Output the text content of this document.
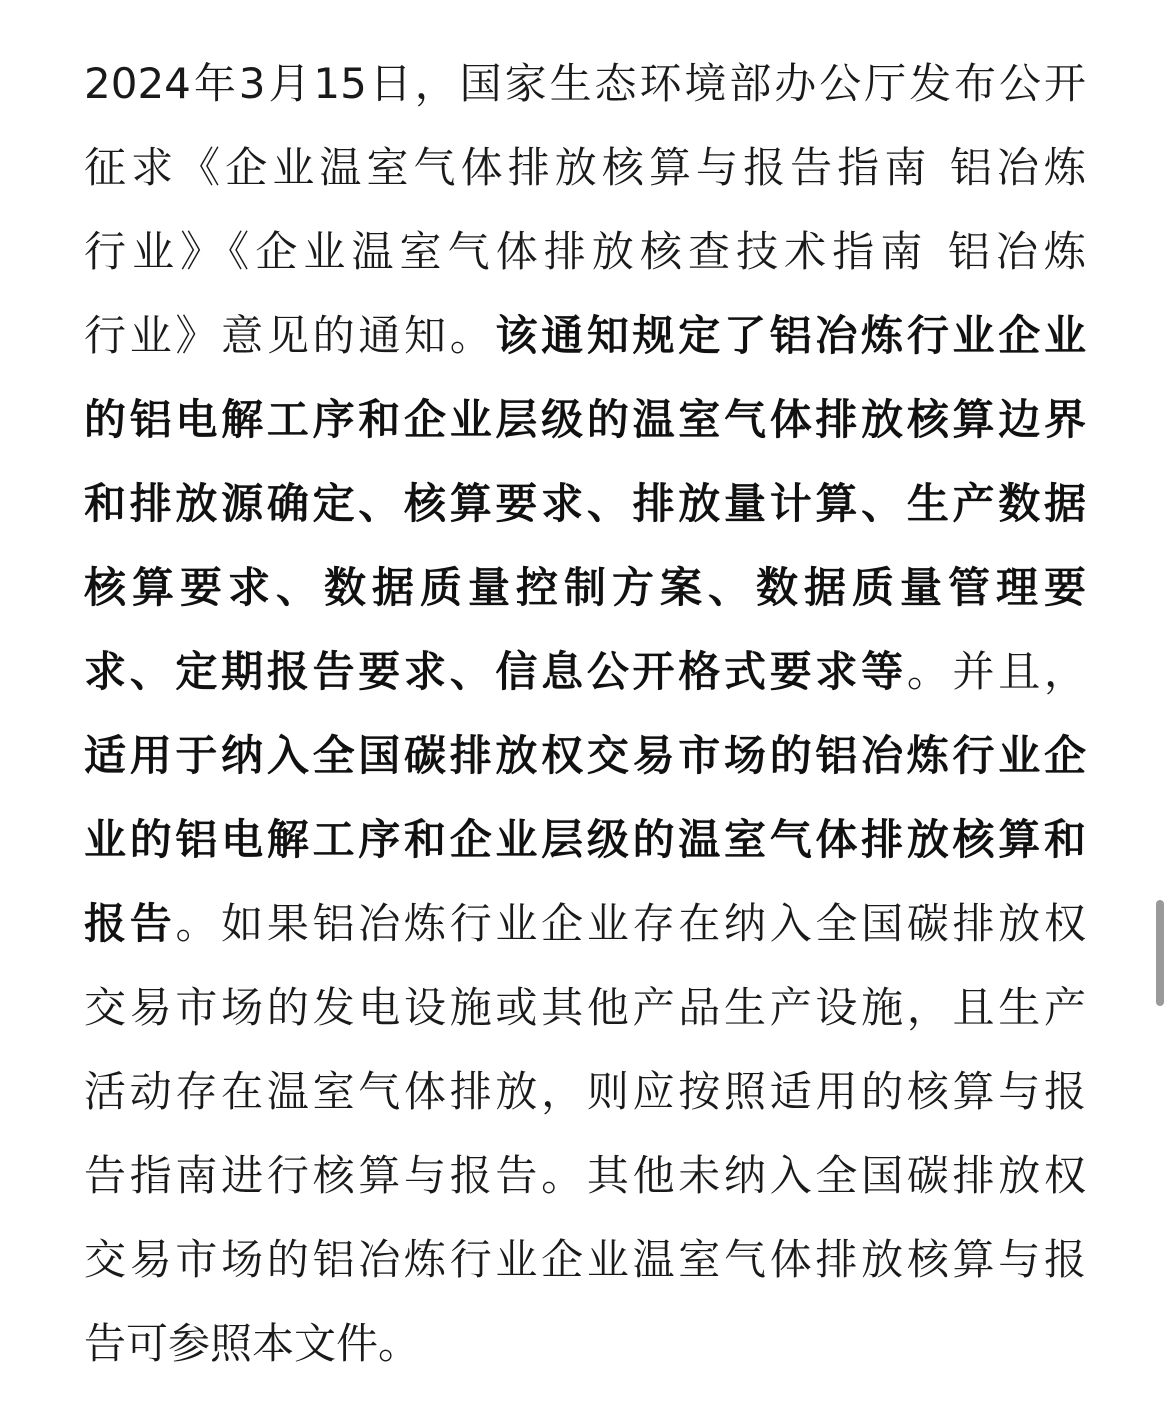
2024年3月15日，国家生态环境部办公厅发布公开
征求《企业温室气体排放核算与报告指南 铝冶炼
行业》《企业温室气体排放核查技术指南 铝冶炼
行业》意见的通知。该通知规定了铝冶炼行业企业
的铝电解工序和企业层级的温室气体排放核算边界
和排放源确定、核算要求、排放量计算、生产数据
核算要求、数据质量控制方案、数据质量管理要
求、定期报告要求、信息公开格式要求等。并且，
适用于纳入全国碳排放权交易市场的铝冶炼行业企
业的铝电解工序和企业层级的温室气体排放核算和
报告。如果铝冶炼行业企业存在纳入全国碳排放权
交易市场的发电设施或其他产品生产设施，且生产
活动存在温室气体排放，则应按照适用的核算与报
告指南进行核算与报告。其他未纳入全国碳排放权
交易市场的铝冶炼行业企业温室气体排放核算与报
告可参照本文件。
